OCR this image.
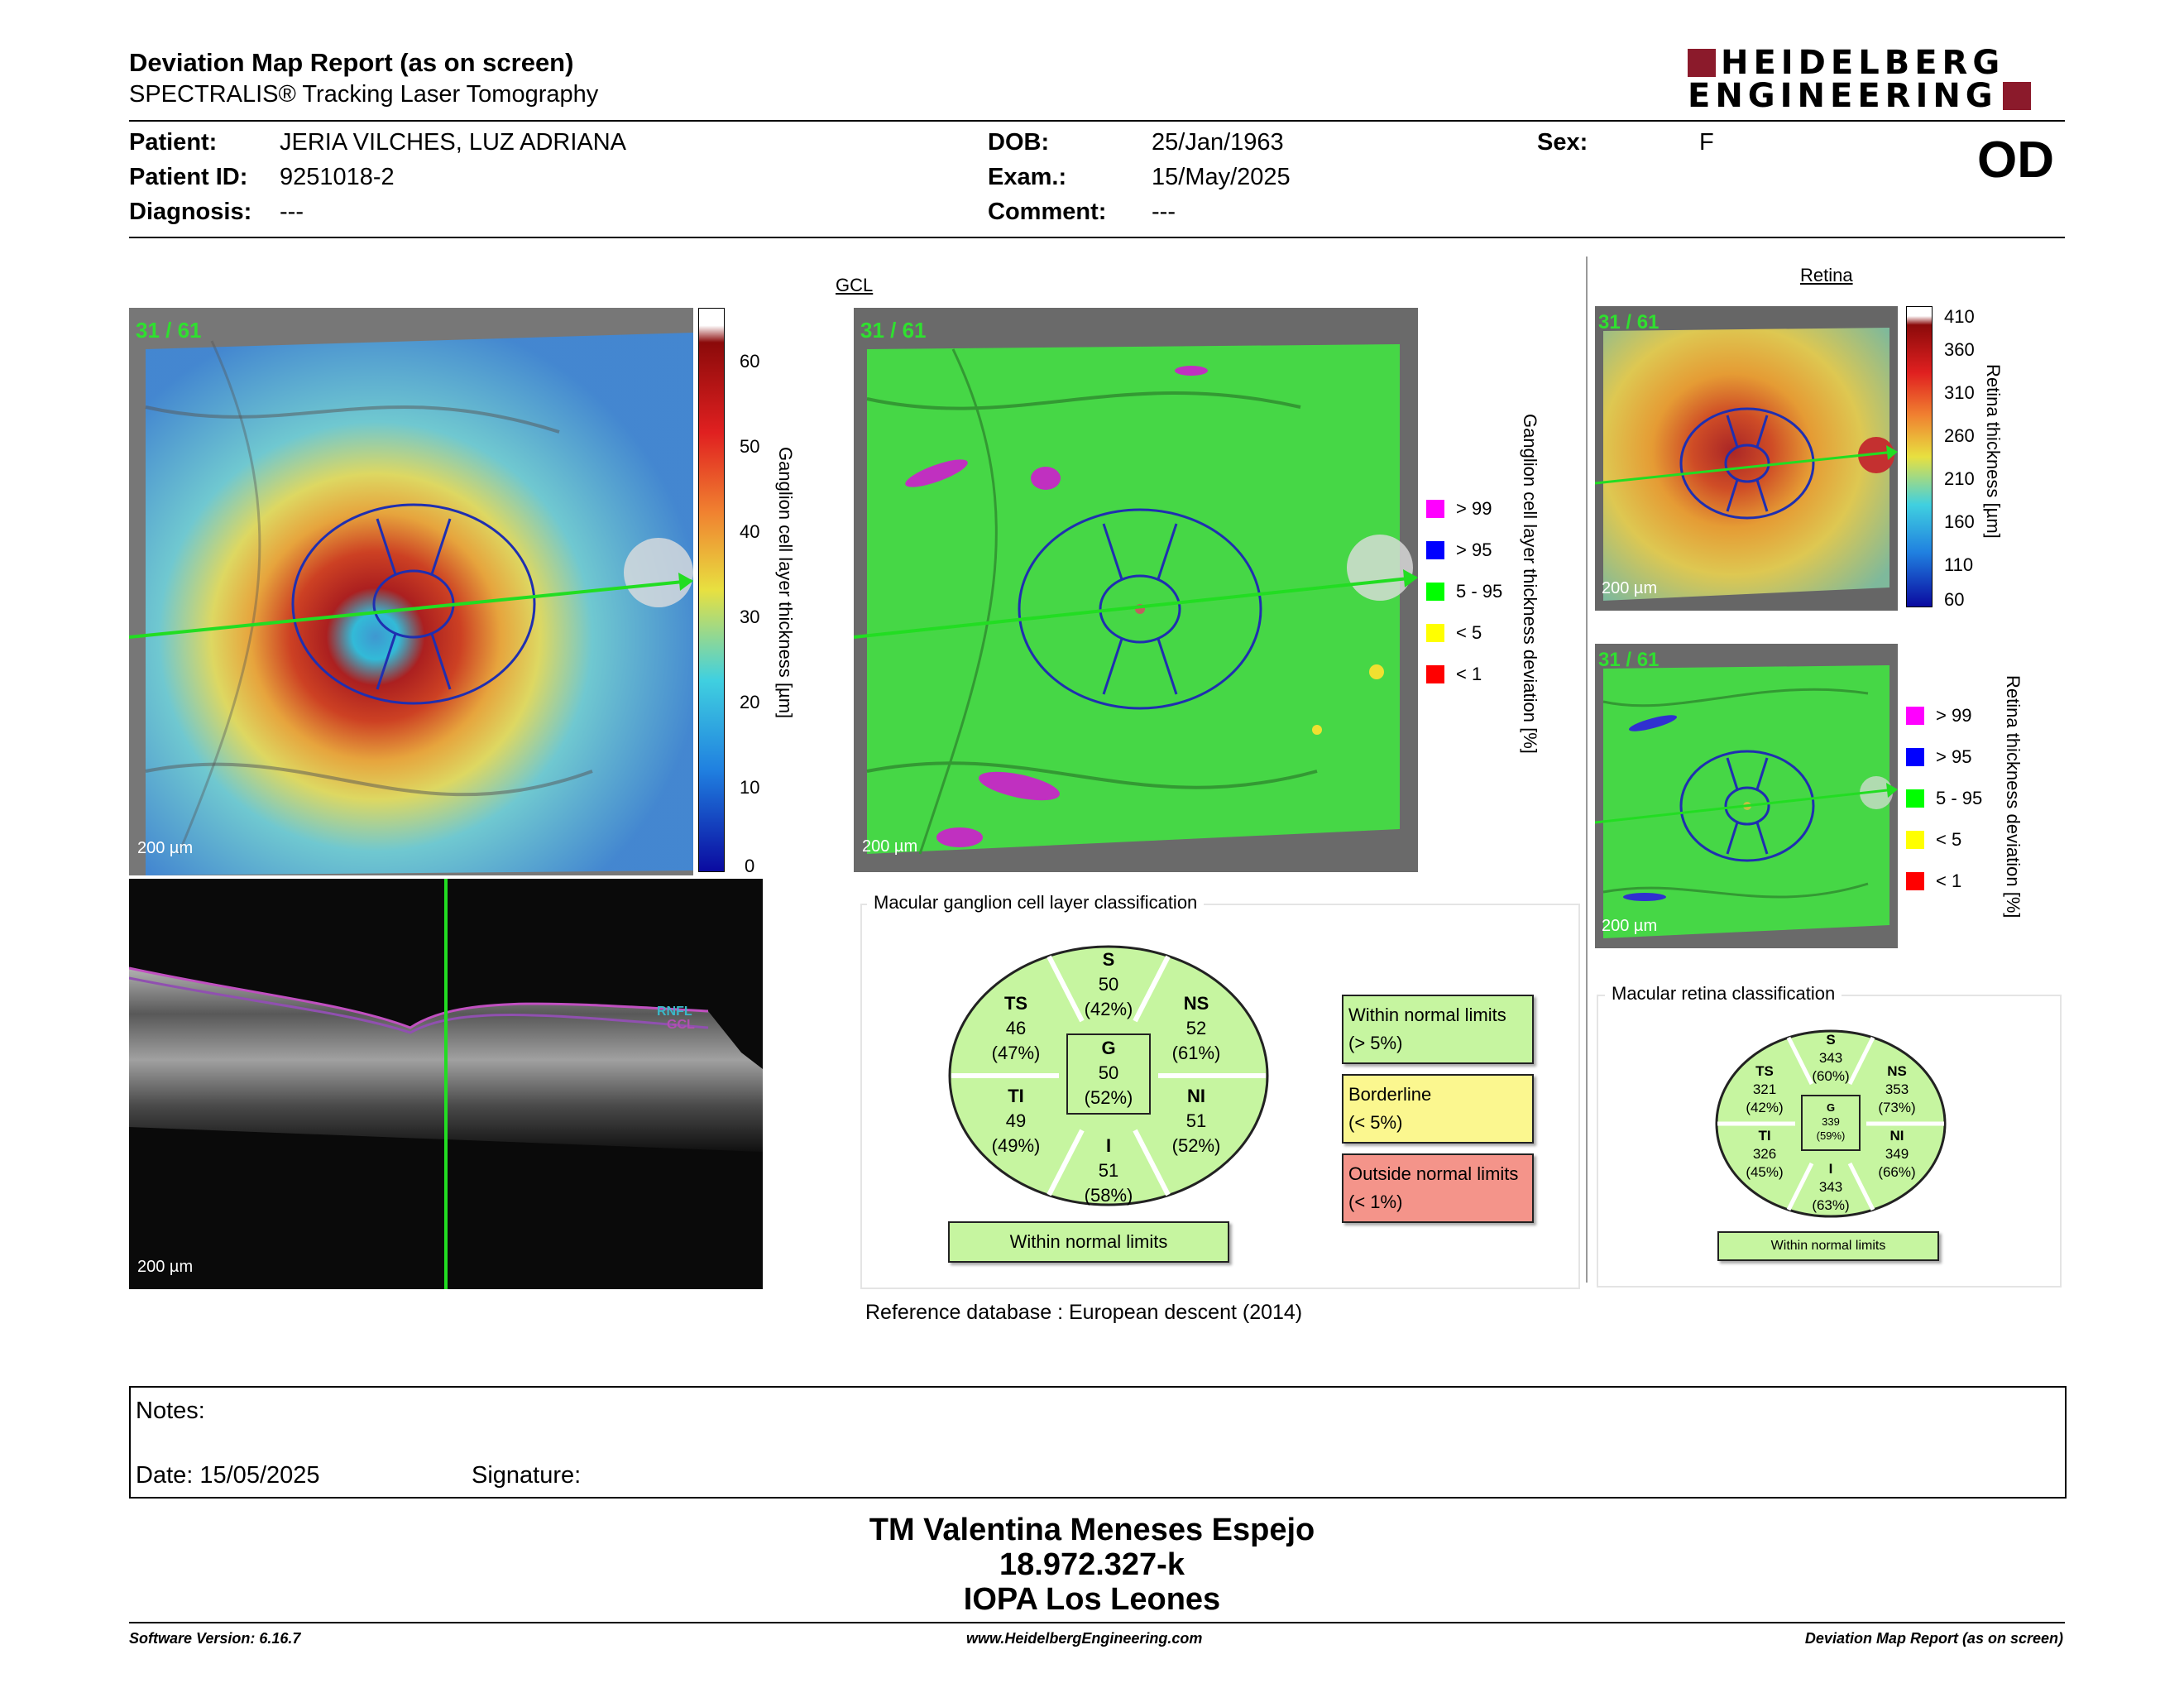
Deviation Map Report (as on screen)
SPECTRALIS® Tracking Laser Tomography
HEIDELBERG
ENGINEERING
Patient:	JERIA VILCHES, LUZ ADRIANA
Patient ID: 9251018-2
Diagnosis: ---
DOB:	25/Jan/1963
Exam.:	15/May/2025
Comment: ---
Sex:	F	OD
31 / 61
200 µm
60
50
40
30
20
10
0
Ganglion cell layer thickness [µm]
RNFL
GCL
200 µm
GCL
31 / 61
200 µm
> 99
> 95
5 - 95
< 5
< 1 Ganglion cell layer thickness deviation [%]
Macular ganglion cell layer classification
S
50
(42%)
TS
46
(47%)
NS
52
(61%)
TI
49
(49%)
NI
51
(52%)
I
51
(58%)
G
50
(52%)
Within normal limits
Within normal limits
(> 5%)
Borderline
(< 5%)
Outside normal limits
(< 1%)
Reference database : European descent (2014)
Retina
31 / 61
200 µm
410
360
310
260
210
160
110
60
Retina thickness [µm]
31 / 61
200 µm
> 99
> 95
5 - 95
< 5
< 1 Retina thickness deviation [%]
Macular retina classification
S
343
(60%)
TS
321
(42%)
NS
353
(73%)
TI
326
(45%)
NI
349
(66%)
I
343
(63%)
G
339
(59%)
Within normal limits
Notes:
Date: 15/05/2025	Signature:
TM Valentina Meneses Espejo
18.972.327-k
IOPA Los Leones
Software Version: 6.16.7	www.HeidelbergEngineering.com	Deviation Map Report (as on screen)
